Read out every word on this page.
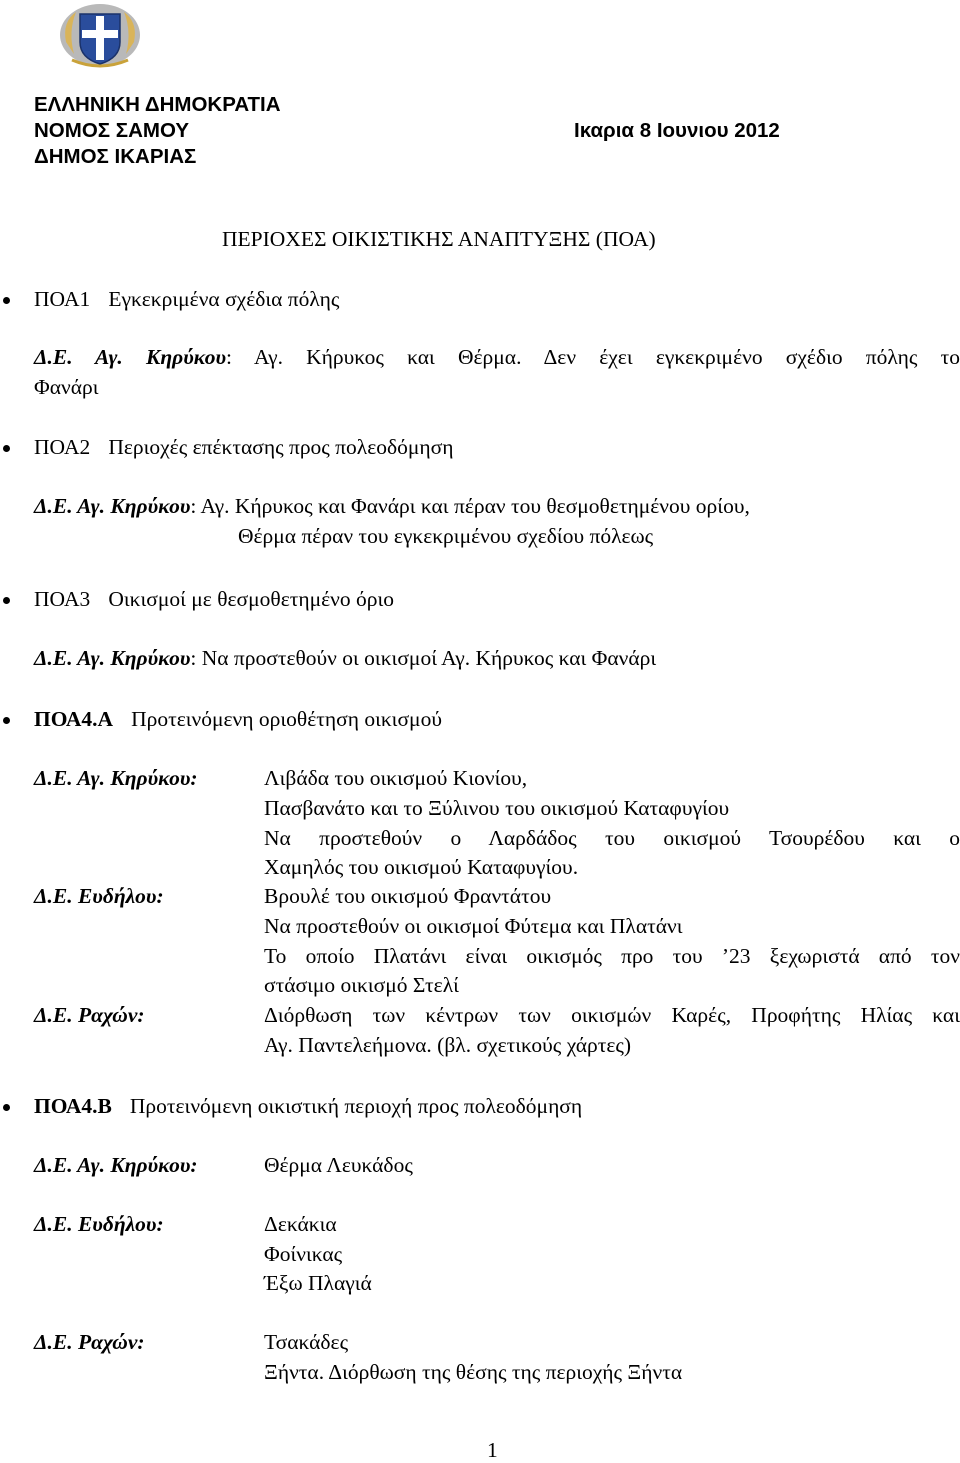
ΕΛΛΗΝΙΚΗ ΔΗΜΟΚΡΑΤΙΑ
ΝΟΜΟΣ ΣΑΜΟΥ
ΔΗΜΟΣ ΙΚΑΡΙΑΣ
Ικαρια 8 Ιουνιου 2012
ΠΕΡΙΟΧΕΣ ΟΙΚΙΣΤΙΚΗΣ ΑΝΑΠΤΥΞΗΣ (ΠΟΑ)
ΠΟΑ1 Εγκεκριμένα σχέδια πόλης
Δ.Ε. Αγ. Κηρύκου: Αγ. Κήρυκος και Θέρμα. Δεν έχει εγκεκριμένο σχέδιο πόλης το
Φανάρι
ΠΟΑ2 Περιοχές επέκτασης προς πολεοδόμηση
Δ.Ε. Αγ. Κηρύκου: Αγ. Κήρυκος και Φανάρι και πέραν του θεσμοθετημένου ορίου,
Θέρμα πέραν του εγκεκριμένου σχεδίου πόλεως
ΠΟΑ3 Οικισμοί με θεσμοθετημένο όριο
Δ.Ε. Αγ. Κηρύκου: Να προστεθούν οι οικισμοί Αγ. Κήρυκος και Φανάρι
ΠΟΑ4.Α Προτεινόμενη οριοθέτηση οικισμού
Δ.Ε. Αγ. Κηρύκου:	Λιβάδα του οικισμού Κιονίου,
Πασβανάτο και το Ξύλινου του οικισμού Καταφυγίου
Να προστεθούν ο Λαρδάδος του οικισμού Τσουρέδου και ο
Χαμηλός του οικισμού Καταφυγίου.
Δ.Ε. Ευδήλου:	Βρουλέ του οικισμού Φραντάτου
Να προστεθούν οι οικισμοί Φύτεμα και Πλατάνι
Το οποίο Πλατάνι είναι οικισμός προ του ’23 ξεχωριστά από τον
στάσιμο οικισμό Στελί
Δ.Ε. Ραχών:	Διόρθωση των κέντρων των οικισμών Καρές, Προφήτης Ηλίας και
Αγ. Παντελεήμονα. (βλ. σχετικούς χάρτες)
ΠΟΑ4.Β Προτεινόμενη οικιστική περιοχή προς πολεοδόμηση
Δ.Ε. Αγ. Κηρύκου:	Θέρμα Λευκάδος
Δ.Ε. Ευδήλου:	Δεκάκια
Φοίνικας
Έξω Πλαγιά
Δ.Ε. Ραχών:	Τσακάδες
Ξήντα. Διόρθωση της θέσης της περιοχής Ξήντα
1
